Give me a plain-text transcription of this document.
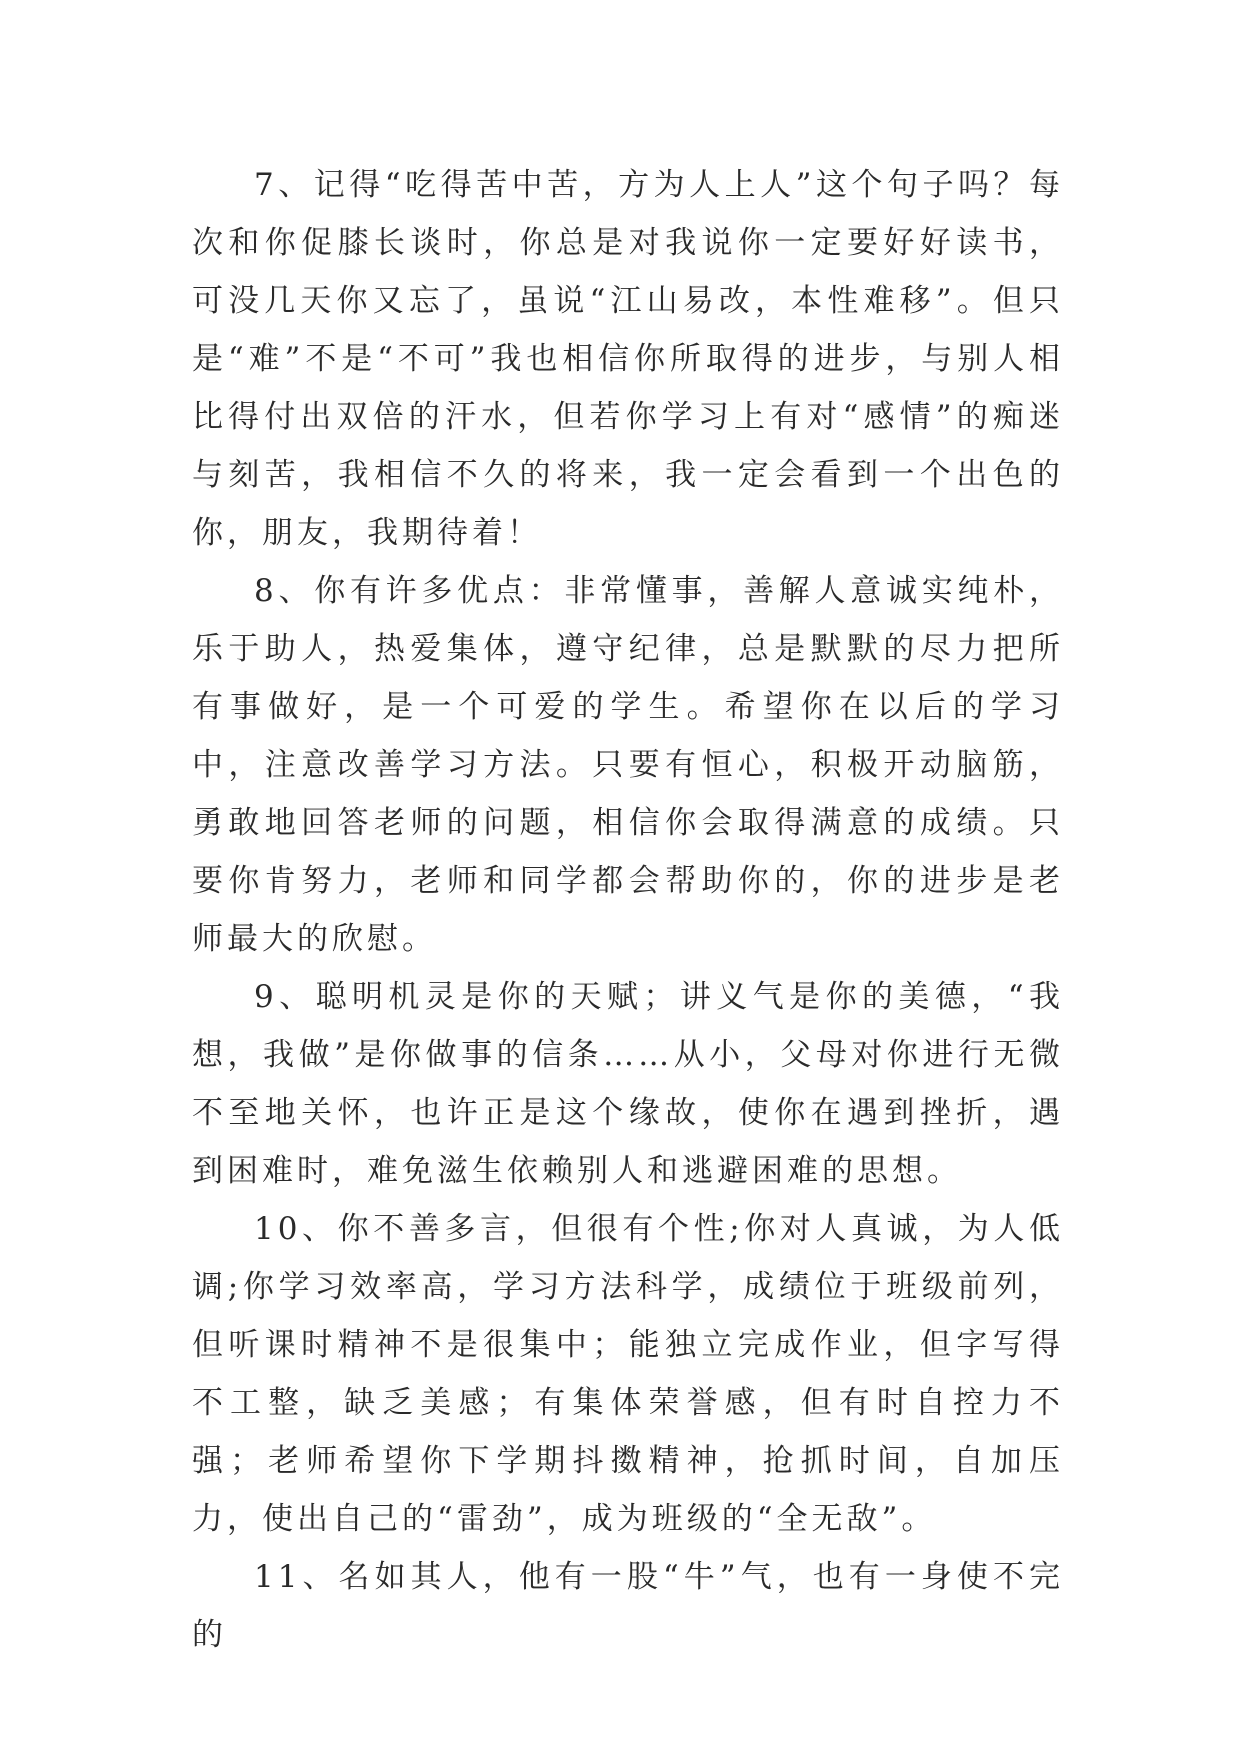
7、记得“吃得苦中苦，方为人上人”这个句子吗？每次和你促膝长谈时，你总是对我说你一定要好好读书，可没几天你又忘了，虽说“江山易改，本性难移”。但只是“难”不是“不可”我也相信你所取得的进步，与别人相比得付出双倍的汗水，但若你学习上有对“感情”的痴迷与刻苦，我相信不久的将来，我一定会看到一个出色的你，朋友，我期待着！

8、你有许多优点：非常懂事，善解人意诚实纯朴，乐于助人，热爱集体，遵守纪律，总是默默的尽力把所有事做好，是一个可爱的学生。希望你在以后的学习中，注意改善学习方法。只要有恒心，积极开动脑筋，勇敢地回答老师的问题，相信你会取得满意的成绩。只要你肯努力，老师和同学都会帮助你的，你的进步是老师最大的欣慰。

9、聪明机灵是你的天赋；讲义气是你的美德，“我想，我做”是你做事的信条……从小，父母对你进行无微不至地关怀，也许正是这个缘故，使你在遇到挫折，遇到困难时，难免滋生依赖别人和逃避困难的思想。

10、你不善多言，但很有个性;你对人真诚，为人低调;你学习效率高，学习方法科学，成绩位于班级前列，但听课时精神不是很集中；能独立完成作业，但字写得不工整，缺乏美感；有集体荣誉感，但有时自控力不强；老师希望你下学期抖擞精神，抢抓时间，自加压力，使出自己的“雷劲”，成为班级的“全无敌”。

11、名如其人，他有一股“牛”气，也有一身使不完的
